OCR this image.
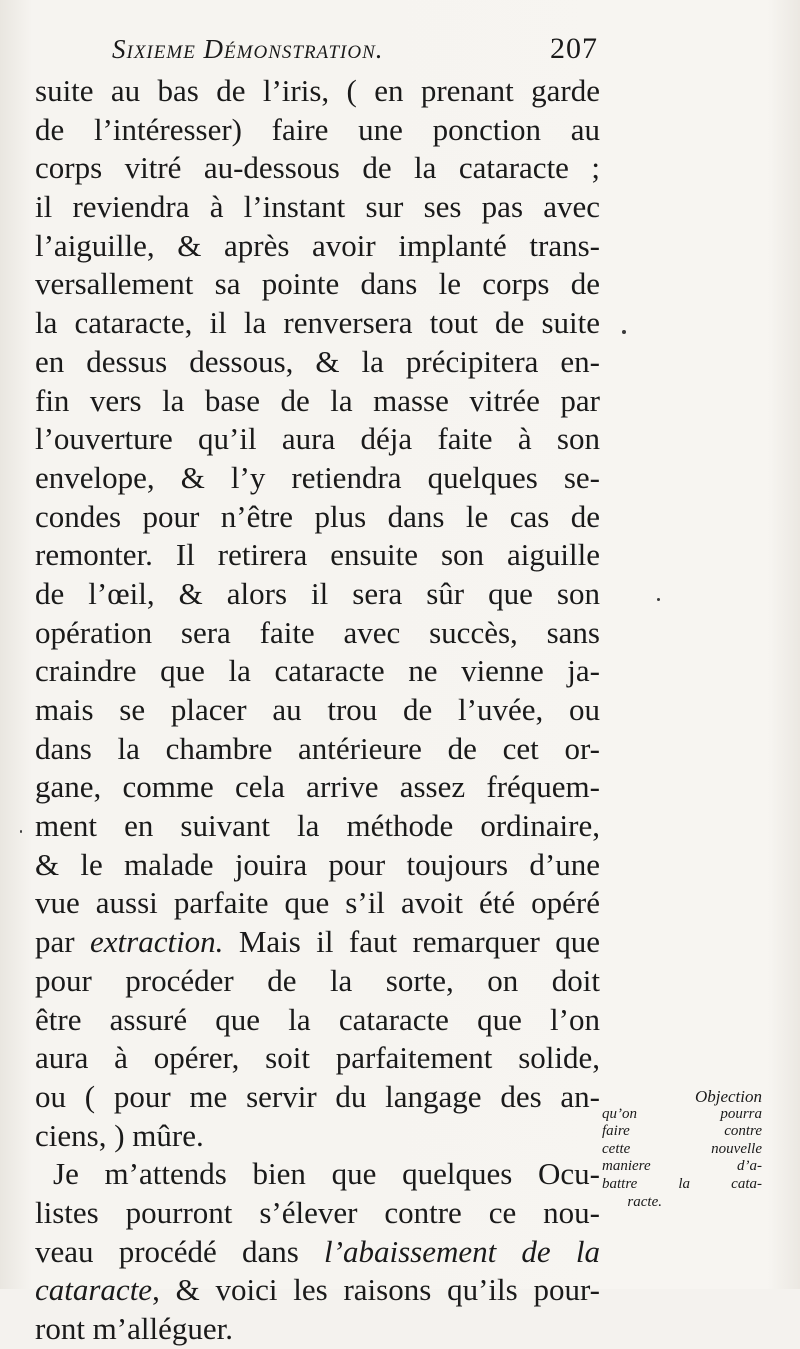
Sixieme Démonstration.	207
suite au bas de l’iris, ( en prenant garde
de l’intéresser) faire une ponction au
corps vitré au-dessous de la cataracte ;
il reviendra à l’instant sur ses pas avec
l’aiguille, & après avoir implanté trans-
versallement sa pointe dans le corps de
la cataracte, il la renversera tout de suite
en dessus dessous, & la précipitera en-
fin vers la base de la masse vitrée par
l’ouverture qu’il aura déja faite à son
envelope, & l’y retiendra quelques se-
condes pour n’être plus dans le cas de
remonter. Il retirera ensuite son aiguille
de l’œil, & alors il sera sûr que son
opération sera faite avec succès, sans
craindre que la cataracte ne vienne ja-
mais se placer au trou de l’uvée, ou
dans la chambre antérieure de cet or-
gane, comme cela arrive assez fréquem-
ment en suivant la méthode ordinaire,
& le malade jouira pour toujours d’une
vue aussi parfaite que s’il avoit été opéré
par extraction. Mais il faut remarquer que
pour procéder de la sorte, on doit
être assuré que la cataracte que l’on
aura à opérer, soit parfaitement solide,
ou ( pour me servir du langage des an-
ciens, ) mûre.
Je m’attends bien que quelques Ocu-
listes pourront s’élever contre ce nou-
veau procédé dans l’abaissement de la
cataracte, & voici les raisons qu’ils pour-
ront m’alléguer.
Objection
qu’on pourra
faire contre
cette nouvelle
maniere d’a-
battre la cata-
racte.
